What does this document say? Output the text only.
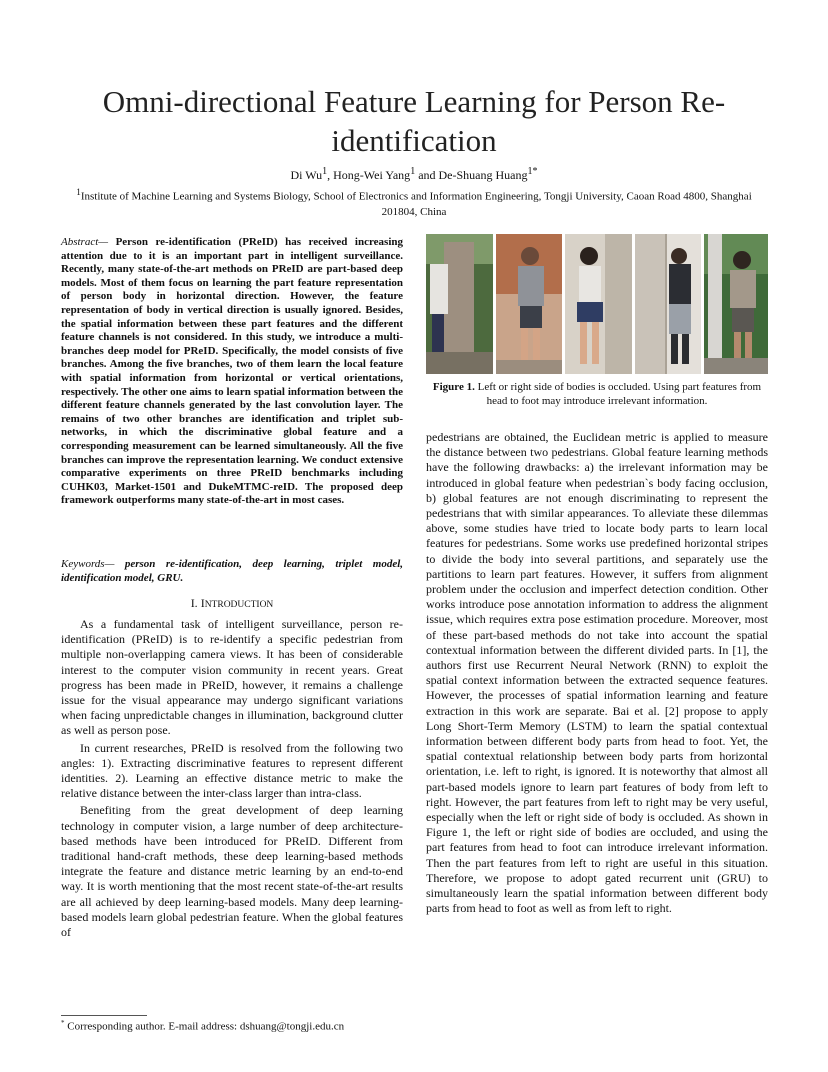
Omni-directional Feature Learning for Person Re-identification
Di Wu$^1$, Hong-Wei Yang$^1$ and De-Shuang Huang$^{1*}$
$^1$Institute of Machine Learning and Systems Biology, School of Electronics and Information Engineering, Tongji University, Caoan Road 4800, Shanghai 201804, China
Abstract— Person re-identification (PReID) has received increasing attention due to it is an important part in intelligent surveillance. Recently, many state-of-the-art methods on PReID are part-based deep models. Most of them focus on learning the part feature representation of person body in horizontal direction. However, the feature representation of body in vertical direction is usually ignored. Besides, the spatial information between these part features and the different feature channels is not considered. In this study, we introduce a multi-branches deep model for PReID. Specifically, the model consists of five branches. Among the five branches, two of them learn the local feature with spatial information from horizontal or vertical orientations, respectively. The other one aims to learn spatial information between the different feature channels generated by the last convolution layer. The remains of two other branches are identification and triplet sub-networks, in which the discriminative global feature and a corresponding measurement can be learned simultaneously. All the five branches can improve the representation learning. We conduct extensive comparative experiments on three PReID benchmarks including CUHK03, Market-1501 and DukeMTMC-reID. The proposed deep framework outperforms many state-of-the-art in most cases.
Keywords— person re-identification, deep learning, triplet model, identification model, GRU.
I. INTRODUCTION

As a fundamental task of intelligent surveillance, person re-identification (PReID) is to re-identify a specific pedestrian from multiple non-overlapping camera views. It has been of considerable interest to the computer vision community in recent years. Great progress has been made in PReID, however, it remains a challenge issue for the visual appearance may undergo significant variations when facing unpredictable changes in illumination, background clutter as well as person pose.

In current researches, PReID is resolved from the following two angles: 1). Extracting discriminative features to represent different identities. 2). Learning an effective distance metric to make the relative distance between the inter-class larger than intra-class.

Benefiting from the great development of deep learning technology in computer vision, a large number of deep architecture-based methods have been introduced for PReID. Different from traditional hand-craft methods, these deep learning-based methods integrate the feature and distance metric learning by an end-to-end way. It is worth mentioning that the most recent state-of-the-art results are all achieved by deep learning-based models. Many deep learning-based models learn global pedestrian feature. When the global features of

Figure 1. Left or right side of bodies is occluded. Using part features from head to foot may introduce irrelevant information.

pedestrians are obtained, the Euclidean metric is applied to measure the distance between two pedestrians. Global feature learning methods have the following drawbacks: a) the irrelevant information may be introduced in global feature when pedestrian`s body facing occlusion, b) global features are not enough discriminating to represent the pedestrians that with similar appearances. To alleviate these dilemmas above, some studies have tried to locate body parts to learn local features for pedestrians. Some works use predefined horizontal stripes to divide the body into several partitions, and separately use the partitions to learn part features. However, it suffers from alignment problem under the occlusion and imperfect detection condition. Other works introduce pose annotation information to address the alignment issue, which requires extra pose estimation procedure. Moreover, most of these part-based methods do not take into account the spatial contextual information between the different divided parts. In [1], the authors first use Recurrent Neural Network (RNN) to exploit the spatial context information between the extracted sequence features. However, the processes of spatial information learning and feature extraction in this work are separate. Bai et al. [2] propose to apply Long Short-Term Memory (LSTM) to learn the spatial contextual information between different body parts from head to foot. Yet, the spatial contextual relationship between body parts from horizontal orientation, i.e. left to right, is ignored. It is noteworthy that almost all part-based models ignore to learn part features of body from left to right. However, the part features from left to right may be very useful, especially when the left or right side of body is occluded. As shown in Figure 1, the left or right side of bodies are occluded, and using the part features from head to foot can introduce irrelevant information. Then the part features from left to right are useful in this situation. Therefore, we propose to adopt gated recurrent unit (GRU) to simultaneously learn the spatial information between different body parts from head to foot as well as from left to right.

* Corresponding author. E-mail address: dshuang@tongji.edu.cn
